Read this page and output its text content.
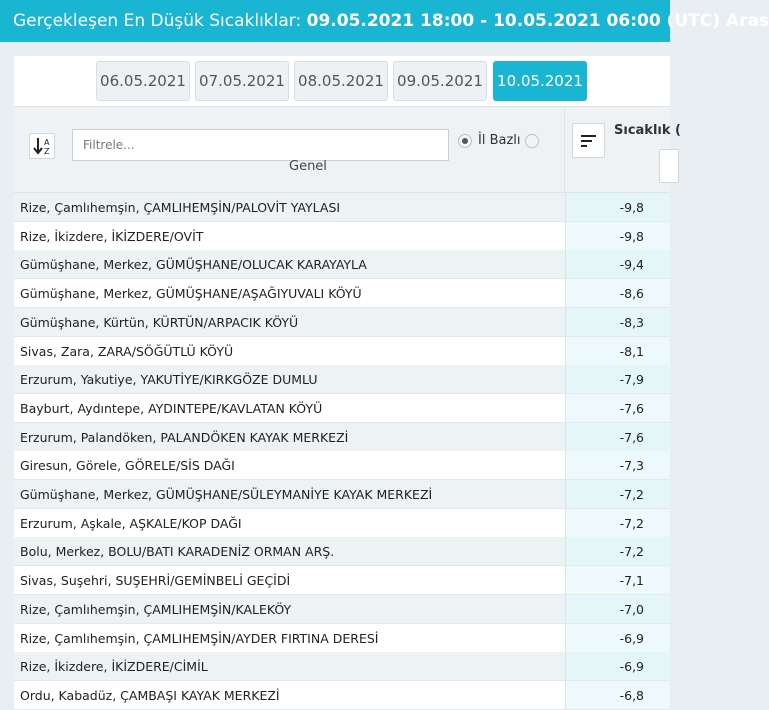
Gerçekleşen En Düşük Sıcaklıklar: 09.05.2021 18:00 - 10.05.2021 06:00 (UTC) Aras
06.05.2021 07.05.2021 08.05.2021 09.05.2021 10.05.2021
A
Z
Filtrele...
İl Bazlı
Genel
Sıcaklık (
Rize, Çamlıhemşin, ÇAMLIHEMŞİN/PALOVİT YAYLASI	-9,8
Rize, İkizdere, İKİZDERE/OVİT	-9,8
Gümüşhane, Merkez, GÜMÜŞHANE/OLUCAK KARAYAYLA	-9,4
Gümüşhane, Merkez, GÜMÜŞHANE/AŞAĞIYUVALI KÖYÜ	-8,6
Gümüşhane, Kürtün, KÜRTÜN/ARPACIK KÖYÜ	-8,3
Sivas, Zara, ZARA/SÖĞÜTLÜ KÖYÜ	-8,1
Erzurum, Yakutiye, YAKUTİYE/KIRKGÖZE DUMLU	-7,9
Bayburt, Aydıntepe, AYDINTEPE/KAVLATAN KÖYÜ	-7,6
Erzurum, Palandöken, PALANDÖKEN KAYAK MERKEZİ	-7,6
Giresun, Görele, GÖRELE/SİS DAĞI	-7,3
Gümüşhane, Merkez, GÜMÜŞHANE/SÜLEYMANİYE KAYAK MERKEZİ	-7,2
Erzurum, Aşkale, AŞKALE/KOP DAĞI	-7,2
Bolu, Merkez, BOLU/BATI KARADENİZ ORMAN ARŞ.	-7,2
Sivas, Suşehri, SUŞEHRİ/GEMİNBELİ GEÇİDİ	-7,1
Rize, Çamlıhemşin, ÇAMLIHEMŞİN/KALEKÖY	-7,0
Rize, Çamlıhemşin, ÇAMLIHEMŞİN/AYDER FIRTINA DERESİ	-6,9
Rize, İkizdere, İKİZDERE/CİMİL	-6,9
Ordu, Kabadüz, ÇAMBAŞI KAYAK MERKEZİ	-6,8
